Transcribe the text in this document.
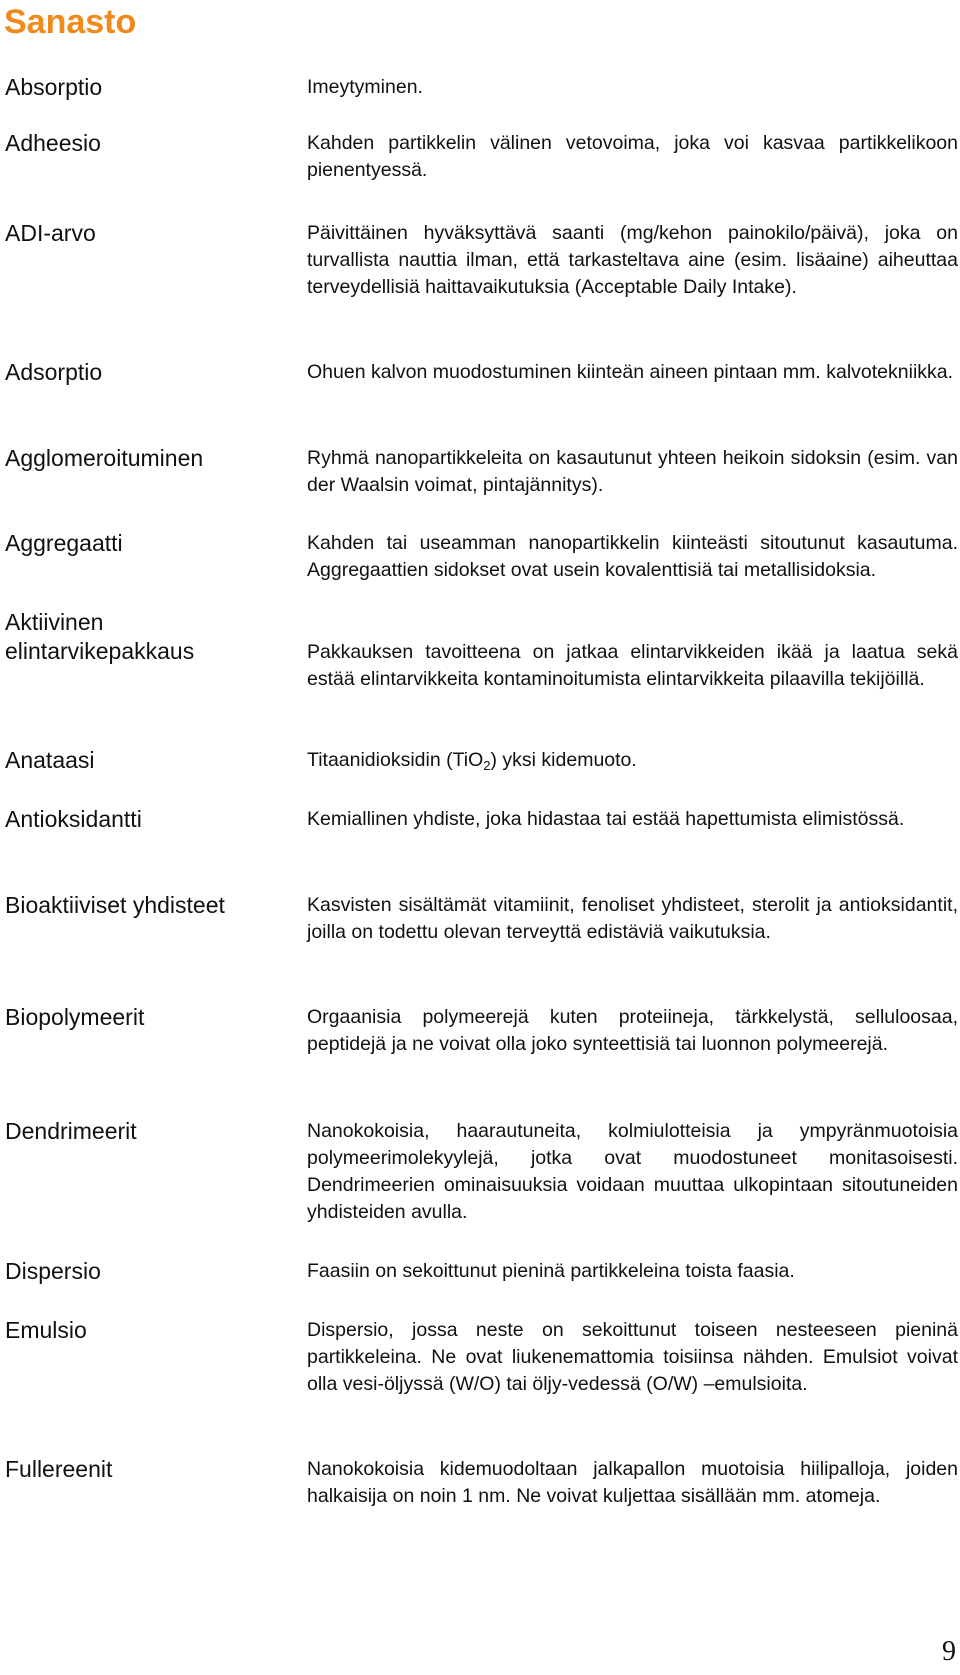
Sanasto
Absorptio	Imeytyminen.
Adheesio	Kahden partikkelin välinen vetovoima, joka voi kasvaa partikkelikoon pienentyessä.
ADI-arvo	Päivittäinen hyväksyttävä saanti (mg/kehon painokilo/päivä), joka on turvallista nauttia ilman, että tarkasteltava aine (esim. lisäaine) aiheuttaa terveydellisiä haittavaikutuksia (Acceptable Daily Intake).
Adsorptio	Ohuen kalvon muodostuminen kiinteän aineen pintaan mm. kalvotekniikka.
Agglomeroituminen	Ryhmä nanopartikkeleita on kasautunut yhteen heikoin sidoksin (esim. van der Waalsin voimat, pintajännitys).
Aggregaatti	Kahden tai useamman nanopartikkelin kiinteästi sitoutunut kasautuma. Aggregaattien sidokset ovat usein kovalenttisiä tai metallisidoksia.
Aktiivinen elintarvikepakkaus	Pakkauksen tavoitteena on jatkaa elintarvikkeiden ikää ja laatua sekä estää elintarvikkeita kontaminoitumista elintarvikkeita pilaavilla tekijöillä.
Anataasi	Titaanidioksidin (TiO$_2$) yksi kidemuoto.
Antioksidantti	Kemiallinen yhdiste, joka hidastaa tai estää hapettumista elimistössä.
Bioaktiiviset yhdisteet	Kasvisten sisältämät vitamiinit, fenoliset yhdisteet, sterolit ja antioksidantit, joilla on todettu olevan terveyttä edistäviä vaikutuksia.
Biopolymeerit	Orgaanisia polymeerejä kuten proteiineja, tärkkelystä, selluloosaa, peptidejä ja ne voivat olla joko synteettisiä tai luonnon polymeerejä.
Dendrimeerit	Nanokokoisia, haarautuneita, kolmiulotteisia ja ympyränmuotoisia polymeerimolekyylejä, jotka ovat muodostuneet monitasoisesti. Dendrimeerien ominaisuuksia voidaan muuttaa ulkopintaan sitoutuneiden yhdisteiden avulla.
Dispersio	Faasiin on sekoittunut pieninä partikkeleina toista faasia.
Emulsio	Dispersio, jossa neste on sekoittunut toiseen nesteeseen pieninä partikkeleina. Ne ovat liukenemattomia toisiinsa nähden. Emulsiot voivat olla vesi-öljyssä (W/O) tai öljy-vedessä (O/W) –emulsioita.
Fullereenit	Nanokokoisia kidemuodoltaan jalkapallon muotoisia hiilipalloja, joiden halkaisija on noin 1 nm. Ne voivat kuljettaa sisällään mm. atomeja.
9
